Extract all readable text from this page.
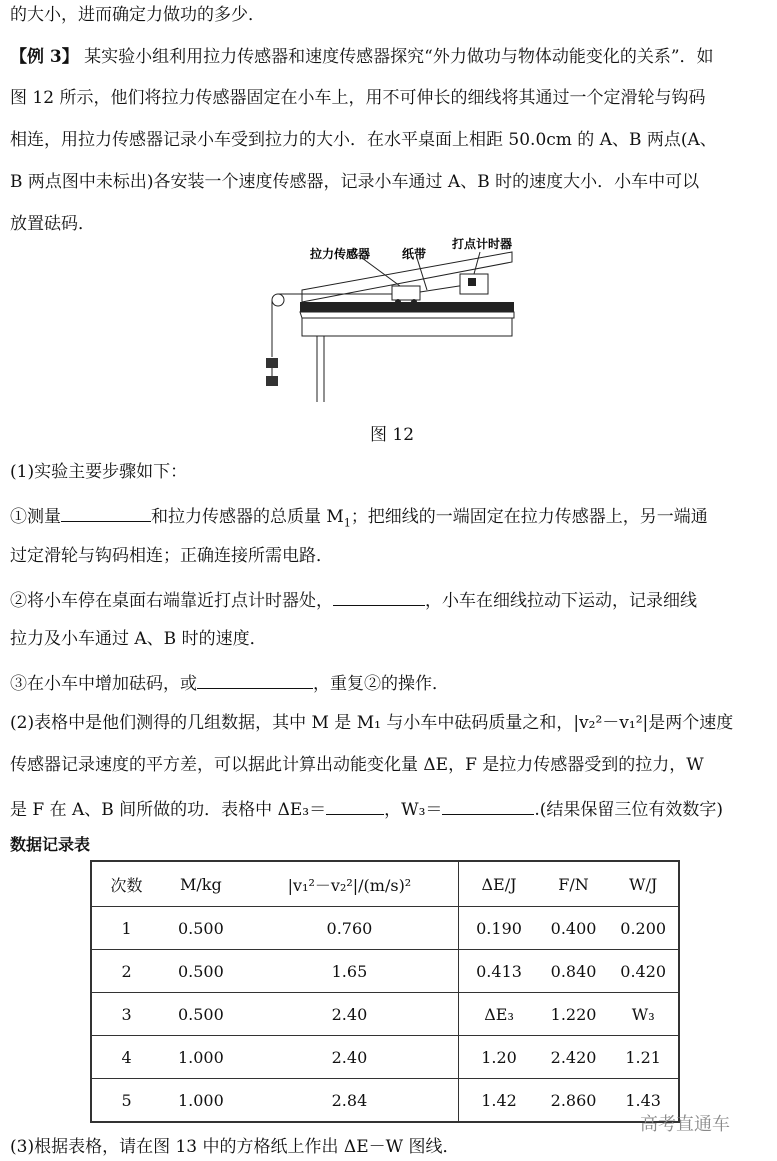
的大小，进而确定力做功的多少．
【例 3】 某实验小组利用拉力传感器和速度传感器探究“外力做功与物体动能变化的关系”．如
图 12 所示，他们将拉力传感器固定在小车上，用不可伸长的细线将其通过一个定滑轮与钩码
相连，用拉力传感器记录小车受到拉力的大小．在水平桌面上相距 50.0cm 的 A、B 两点(A、
B 两点图中未标出)各安装一个速度传感器，记录小车通过 A、B 时的速度大小．小车中可以
放置砝码．
拉力传感器	纸带
打点计时器
图 12
(1)实验主要步骤如下：
①测量	和拉力传感器的总质量 $M_1$；把细线的一端固定在拉力传感器上，另一端通
过定滑轮与钩码相连；正确连接所需电路．
②将小车停在桌面右端靠近打点计时器处，	，小车在细线拉动下运动，记录细线
拉力及小车通过 A、B 时的速度．
③在小车中增加砝码，或	，重复②的操作．
(2)表格中是他们测得的几组数据，其中 M 是 M₁ 与小车中砝码质量之和，|v₂²－v₁²|是两个速度
传感器记录速度的平方差，可以据此计算出动能变化量 ΔE，F 是拉力传感器受到的拉力，W
是 F 在 A、B 间所做的功．表格中 ΔE₃＝	，W₃＝	.(结果保留三位有效数字)
数据记录表
次数	M/kg	|v₁²－v₂²|/(m/s)²	ΔE/J	F/N	W/J
1	0.500	0.760	0.190	0.400	0.200
2	0.500	1.65	0.413	0.840	0.420
3	0.500	2.40	ΔE₃	1.220	W₃
4	1.000	2.40	1.20	2.420	1.21
5	1.000	2.84	1.42	2.860	1.43
(3)根据表格，请在图 13 中的方格纸上作出 ΔE－W 图线．
高考直通车
